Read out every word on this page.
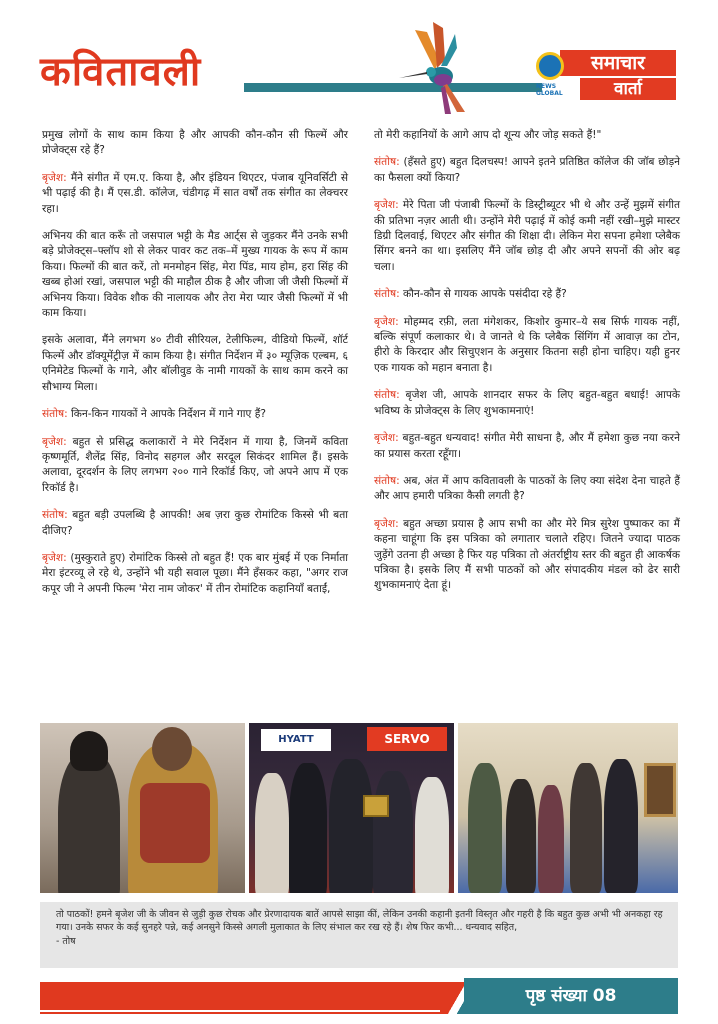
कवितावली	समाचार
वार्ता
NEWS GLOBAL

प्रमुख लोगों के साथ काम किया है और आपकी कौन-कौन सी फिल्में और प्रोजेक्ट्स रहे हैं?

बृजेश: मैंने संगीत में एम.ए. किया है, और इंडियन थिएटर, पंजाब यूनिवर्सिटी से भी पढ़ाई की है। मैं एस.डी. कॉलेज, चंडीगढ़ में सात वर्षों तक संगीत का लेक्चरर रहा।

अभिनय की बात करूँ तो जसपाल भट्टी के मैड आर्ट्स से जुड़कर मैंने उनके सभी बड़े प्रोजेक्ट्स–फ्लॉप शो से लेकर पावर कट तक–में मुख्य गायक के रूप में काम किया। फिल्मों की बात करें, तो मनमोहन सिंह, मेरा पिंड, माय होम, हरा सिंह की खब्ब होआं रखां, जसपाल भट्टी की माहौल ठीक है और जीजा जी जैसी फिल्मों में अभिनय किया। विवेक शौक की नालायक और तेरा मेरा प्यार जैसी फिल्मों में भी काम किया।

इसके अलावा, मैंने लगभग ४० टीवी सीरियल, टेलीफिल्म, वीडियो फिल्में, शॉर्ट फिल्में और डॉक्यूमेंट्रीज़ में काम किया है। संगीत निर्देशन में ३० म्यूज़िक एल्बम, ६ एनिमेटेड फिल्मों के गाने, और बॉलीवुड के नामी गायकों के साथ काम करने का सौभाग्य मिला।

संतोष: किन-किन गायकों ने आपके निर्देशन में गाने गाए हैं?

बृजेश: बहुत से प्रसिद्ध कलाकारों ने मेरे निर्देशन में गाया है, जिनमें कविता कृष्णमूर्ति, शैलेंद्र सिंह, विनोद सहगल और सरदूल सिकंदर शामिल हैं। इसके अलावा, दूरदर्शन के लिए लगभग २०० गाने रिकॉर्ड किए, जो अपने आप में एक रिकॉर्ड है।

संतोष: बहुत बड़ी उपलब्धि है आपकी! अब ज़रा कुछ रोमांटिक किस्से भी बता दीजिए?

बृजेश: (मुस्कुराते हुए) रोमांटिक किस्से तो बहुत हैं! एक बार मुंबई में एक निर्माता मेरा इंटरव्यू ले रहे थे, उन्होंने भी यही सवाल पूछा। मैंने हँसकर कहा, "अगर राज कपूर जी ने अपनी फिल्म 'मेरा नाम जोकर' में तीन रोमांटिक कहानियाँ बताईं,

तो मेरी कहानियों के आगे आप दो शून्य और जोड़ सकते हैं!"

संतोष: (हँसते हुए) बहुत दिलचस्प! आपने इतने प्रतिष्ठित कॉलेज की जॉब छोड़ने का फैसला क्यों किया?

बृजेश: मेरे पिता जी पंजाबी फिल्मों के डिस्ट्रीब्यूटर भी थे और उन्हें मुझमें संगीत की प्रतिभा नज़र आती थी। उन्होंने मेरी पढ़ाई में कोई कमी नहीं रखी–मुझे मास्टर डिग्री दिलवाई, थिएटर और संगीत की शिक्षा दी। लेकिन मेरा सपना हमेशा प्लेबैक सिंगर बनने का था। इसलिए मैंने जॉब छोड़ दी और अपने सपनों की ओर बढ़ चला।

संतोष: कौन-कौन से गायक आपके पसंदीदा रहे हैं?

बृजेश: मोहम्मद रफ़ी, लता मंगेशकर, किशोर कुमार–ये सब सिर्फ गायक नहीं, बल्कि संपूर्ण कलाकार थे। वे जानते थे कि प्लेबैक सिंगिंग में आवाज़ का टोन, हीरो के किरदार और सिचुएशन के अनुसार कितना सही होना चाहिए। यही हुनर एक गायक को महान बनाता है।

संतोष: बृजेश जी, आपके शानदार सफर के लिए बहुत-बहुत बधाई! आपके भविष्य के प्रोजेक्ट्स के लिए शुभकामनाएं!

बृजेश: बहुत-बहुत धन्यवाद! संगीत मेरी साधना है, और मैं हमेशा कुछ नया करने का प्रयास करता रहूँगा।

संतोष: अब, अंत में आप कवितावली के पाठकों के लिए क्या संदेश देना चाहते हैं और आप हमारी पत्रिका कैसी लगती है?

बृजेश: बहुत अच्छा प्रयास है आप सभी का और मेरे मित्र सुरेश पुष्पाकर का मैं कहना चाहूंगा कि इस पत्रिका को लगातार चलाते रहिए। जितने ज्यादा पाठक जुड़ेंगे उतना ही अच्छा है फिर यह पत्रिका तो अंतर्राष्ट्रीय स्तर की बहुत ही आकर्षक पत्रिका है। इसके लिए मैं सभी पाठकों को और संपादकीय मंडल को ढेर सारी शुभकामनाएं देता हूं।

HYATT	SERVO

तो पाठकों! हमने बृजेश जी के जीवन से जुड़ी कुछ रोचक और प्रेरणादायक बातें आपसे साझा कीं, लेकिन उनकी कहानी इतनी विस्तृत और गहरी है कि बहुत कुछ अभी भी अनकहा रह गया। उनके सफर के कई सुनहरे पन्ने, कई अनसुने किस्से अगली मुलाकात के लिए संभाल कर रख रहे हैं। शेष फिर कभी... धन्यवाद सहित,

- तोष

पृष्ठ संख्या 08
